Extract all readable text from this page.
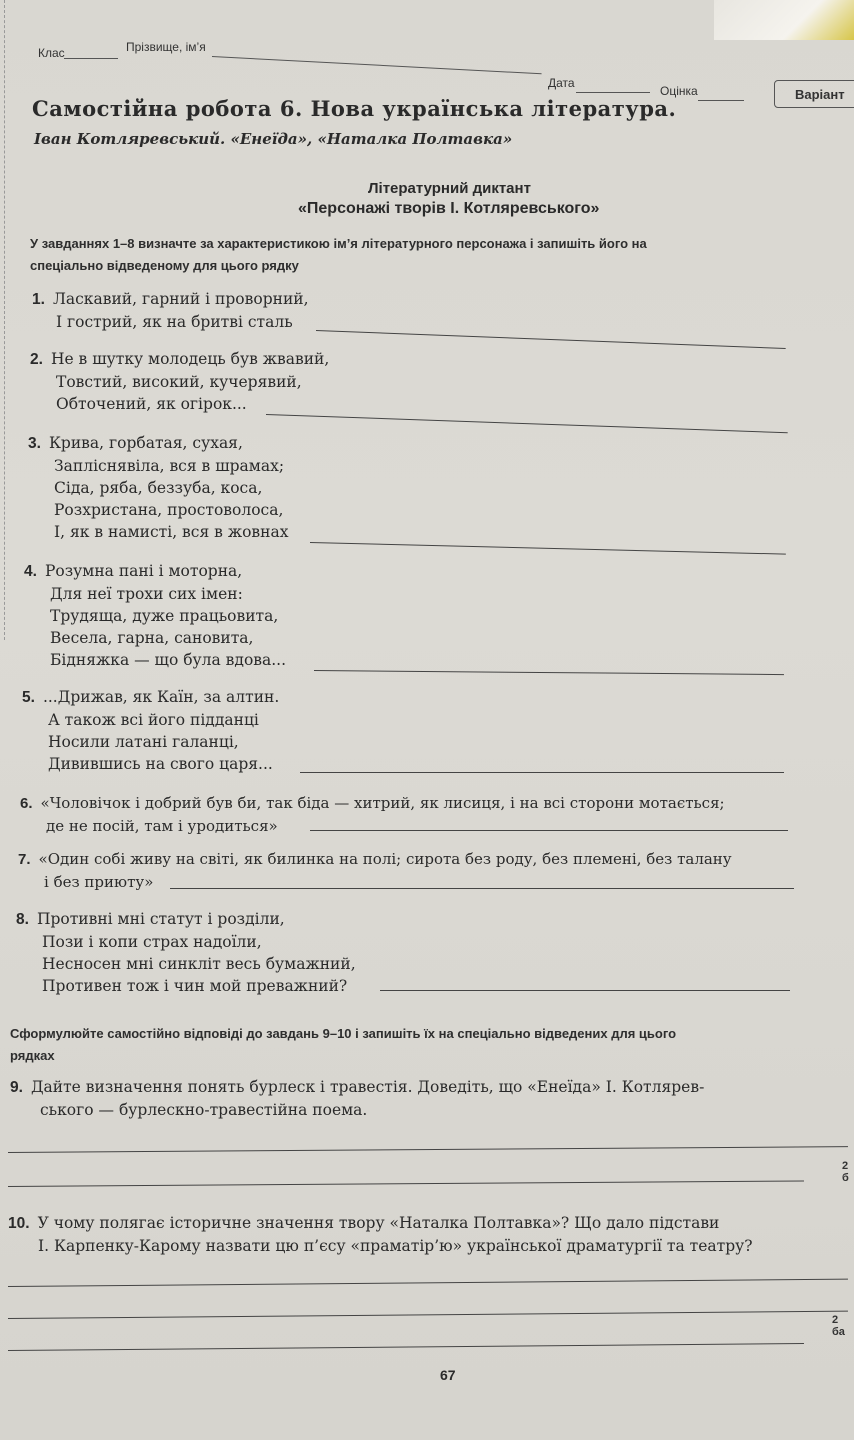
Клас	Прізвище, ім’я
Дата
Оцінка	Варіант
Самостійна робота 6. Нова українська література.
Іван Котляревський. «Енеїда», «Наталка Полтавка»
Літературний диктант
«Персонажі творів І. Котляревського»
У завданнях 1–8 визначте за характеристикою ім’я літературного персонажа і запишіть його на
спеціально відведеному для цього рядку
1. Ласкавий, гарний і проворний,
І гострий, як на бритві сталь
2. Не в шутку молодець був жвавий,
Товстий, високий, кучерявий,
Обточений, як огірок...
3. Крива, горбатая, сухая,
Запліснявіла, вся в шрамах;
Сіда, ряба, беззуба, коса,
Розхристана, простоволоса,
І, як в намисті, вся в жовнах
4. Розумна пані і моторна,
Для неї трохи сих імен:
Трудяща, дуже працьовита,
Весела, гарна, сановита,
Бідняжка — що була вдова...
5. ...Дрижав, як Каїн, за алтин.
А також всі його підданці
Носили латані галанці,
Дивившись на свого царя...
6. «Чоловічок і добрий був би, так біда — хитрий, як лисиця, і на всі сторони мотається;
де не посій, там і уродиться»
7. «Один собі живу на світі, як билинка на полі; сирота без роду, без племені, без талану
і без приюту»
8. Противні мні статут і розділи,
Пози і копи страх надоїли,
Несносен мні синкліт весь бумажний,
Противен тож і чин мой преважний?
Сформулюйте самостійно відповіді до завдань 9–10 і запишіть їх на спеціально відведених для цього
рядках
9. Дайте визначення понять бурлеск і травестія. Доведіть, що «Енеїда» І. Котлярев-
ського — бурлескно-травестійна поема.
2 б
10. У чому полягає історичне значення твору «Наталка Полтавка»? Що дало підстави
І. Карпенку-Карому назвати цю п’єсу «праматір’ю» української драматургії та театру?
2 ба
67
